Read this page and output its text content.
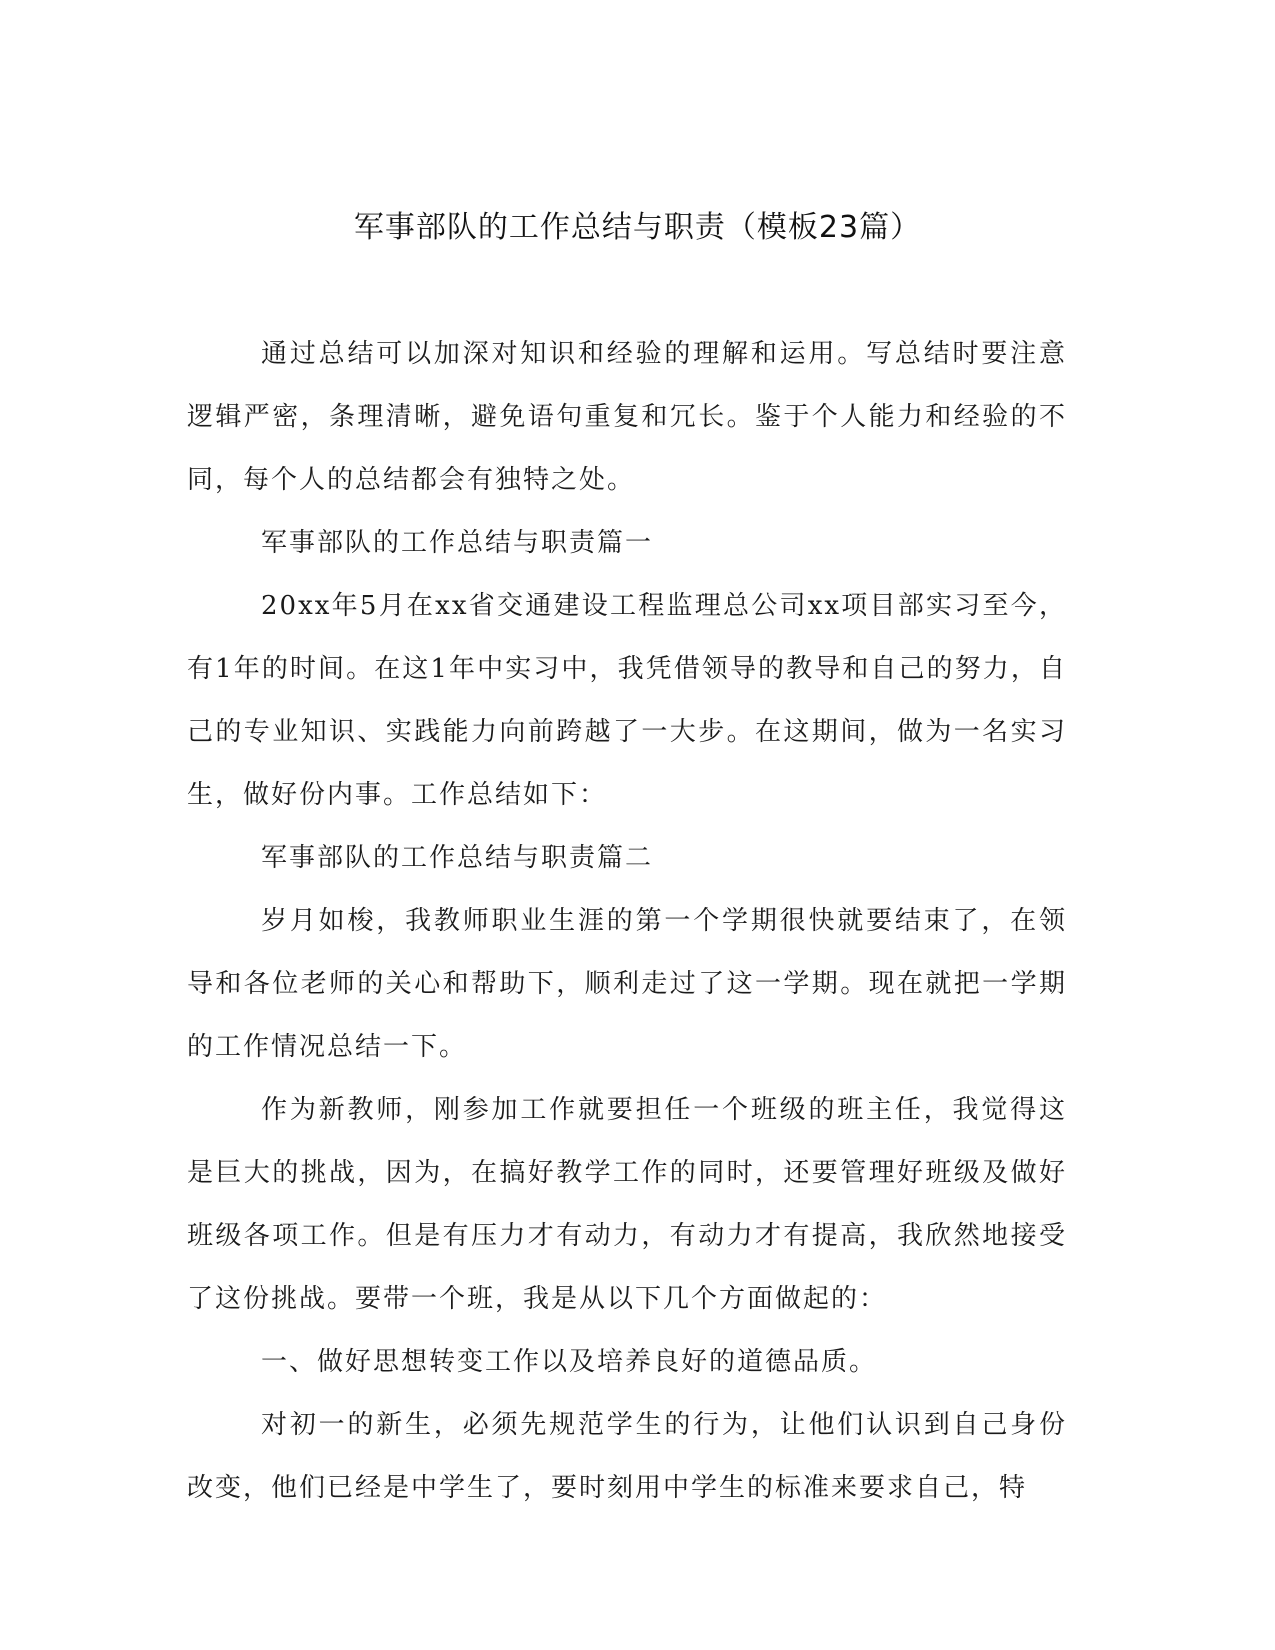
军事部队的工作总结与职责（模板23篇）

通过总结可以加深对知识和经验的理解和运用。写总结时要注意逻辑严密，条理清晰，避免语句重复和冗长。鉴于个人能力和经验的不同，每个人的总结都会有独特之处。

军事部队的工作总结与职责篇一

20xx年5月在xx省交通建设工程监理总公司xx项目部实习至今，有1年的时间。在这1年中实习中，我凭借领导的教导和自己的努力，自己的专业知识、实践能力向前跨越了一大步。在这期间，做为一名实习生，做好份内事。工作总结如下：

军事部队的工作总结与职责篇二

岁月如梭，我教师职业生涯的第一个学期很快就要结束了，在领导和各位老师的关心和帮助下，顺利走过了这一学期。现在就把一学期的工作情况总结一下。

作为新教师，刚参加工作就要担任一个班级的班主任，我觉得这是巨大的挑战，因为，在搞好教学工作的同时，还要管理好班级及做好班级各项工作。但是有压力才有动力，有动力才有提高，我欣然地接受了这份挑战。要带一个班，我是从以下几个方面做起的：

一、做好思想转变工作以及培养良好的道德品质。

对初一的新生，必须先规范学生的行为，让他们认识到自己身份改变，他们已经是中学生了，要时刻用中学生的标准来要求自己，特
